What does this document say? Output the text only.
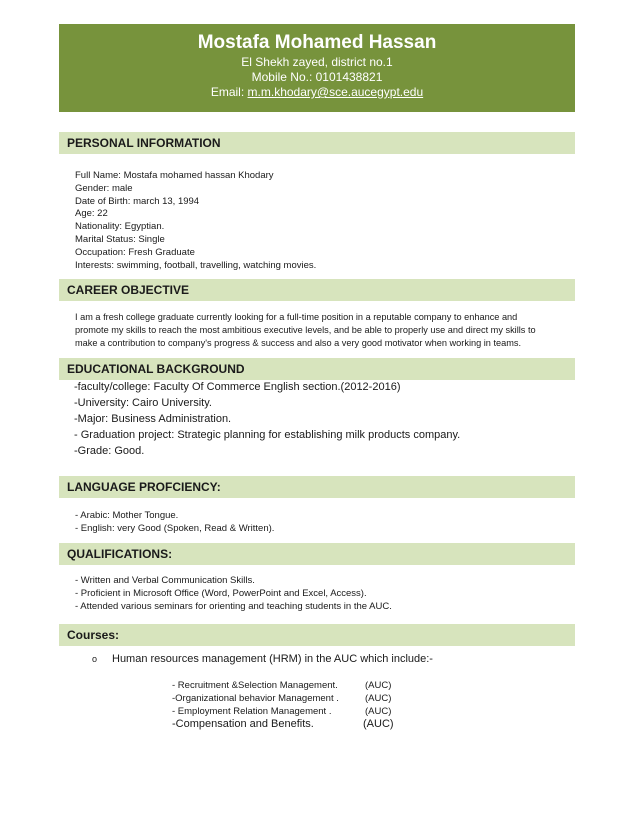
Mostafa Mohamed Hassan
El Shekh zayed, district no.1
Mobile No.: 0101438821
Email: m.m.khodary@sce.aucegypt.edu
PERSONAL INFORMATION
Full Name: Mostafa mohamed hassan Khodary
Gender: male
Date of Birth: march 13, 1994
Age: 22
Nationality: Egyptian.
Marital Status: Single
Occupation: Fresh Graduate
Interests: swimming, football, travelling, watching movies.
CAREER OBJECTIVE
I am a fresh college graduate currently looking for a full-time position in a reputable company to enhance and
promote my skills to reach the most ambitious executive levels, and be able to properly use and direct my skills to
make a contribution to company's progress & success and also a very good motivator when working in teams.
EDUCATIONAL BACKGROUND
-faculty/college: Faculty Of Commerce English section.(2012-2016)
-University: Cairo University.
-Major: Business Administration.
- Graduation project: Strategic planning for establishing milk products company.
-Grade: Good.
LANGUAGE PROFCIENCY:
- Arabic: Mother Tongue.
- English: very Good (Spoken, Read & Written).
QUALIFICATIONS:
- Written and Verbal Communication Skills.
- Proficient in Microsoft Office (Word, PowerPoint and Excel, Access).
- Attended various seminars for orienting and teaching students in the AUC.
Courses:
o Human resources management (HRM) in the AUC which include:-
- Recruitment &Selection Management.	(AUC)
-Organizational behavior Management .	(AUC)
- Employment Relation Management .	(AUC)
-Compensation and Benefits.	(AUC)
